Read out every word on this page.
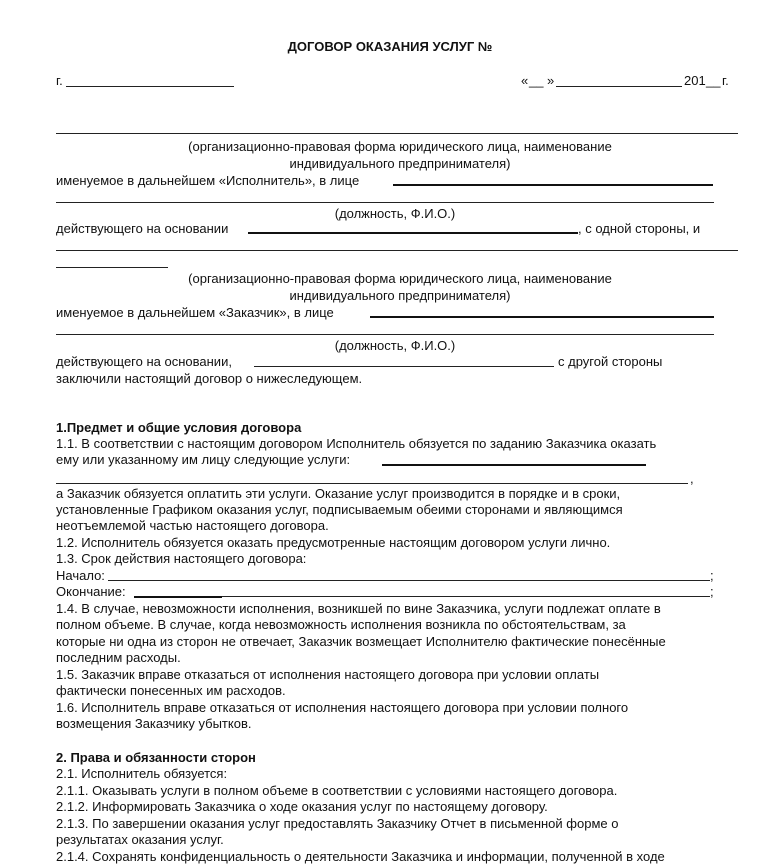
ДОГОВОР ОКАЗАНИЯ УСЛУГ №
г.	« __ »	201 __ г.
(организационно-правовая форма юридического лица, наименование
индивидуального предпринимателя)
именуемое в дальнейшем «Исполнитель», в лице
(должность, Ф.И.О.)
действующего на основании	, с одной стороны, и
(организационно-правовая форма юридического лица, наименование
индивидуального предпринимателя)
именуемое в дальнейшем «Заказчик», в лице
(должность, Ф.И.О.)
действующего на основании,	с другой стороны
заключили настоящий договор о нижеследующем.
1.Предмет и общие условия договора
1.1. В соответствии с настоящим договором Исполнитель обязуется по заданию Заказчика оказать
ему или указанному им лицу следующие услуги:
,
а Заказчик обязуется оплатить эти услуги. Оказание услуг производится в порядке и в сроки,
установленные Графиком оказания услуг, подписываемым обеими сторонами и являющимся
неотъемлемой частью настоящего договора.
1.2. Исполнитель обязуется оказать предусмотренные настоящим договором услуги лично.
1.3. Срок действия настоящего договора:
Начало:	;
Окончание:	;
1.4. В случае, невозможности исполнения, возникшей по вине Заказчика, услуги подлежат оплате в
полном объеме. В случае, когда невозможность исполнения возникла по обстоятельствам, за
которые ни одна из сторон не отвечает, Заказчик возмещает Исполнителю фактические понесённые
последним расходы.
1.5. Заказчик вправе отказаться от исполнения настоящего договора при условии оплаты
фактически понесенных им расходов.
1.6. Исполнитель вправе отказаться от исполнения настоящего договора при условии полного
возмещения Заказчику убытков.
2. Права и обязанности сторон
2.1. Исполнитель обязуется:
2.1.1. Оказывать услуги в полном объеме в соответствии с условиями настоящего договора.
2.1.2. Информировать Заказчика о ходе оказания услуг по настоящему договору.
2.1.3. По завершении оказания услуг предоставлять Заказчику Отчет в письменной форме о
результатах оказания услуг.
2.1.4. Сохранять конфиденциальность о деятельности Заказчика и информации, полученной в ходе
